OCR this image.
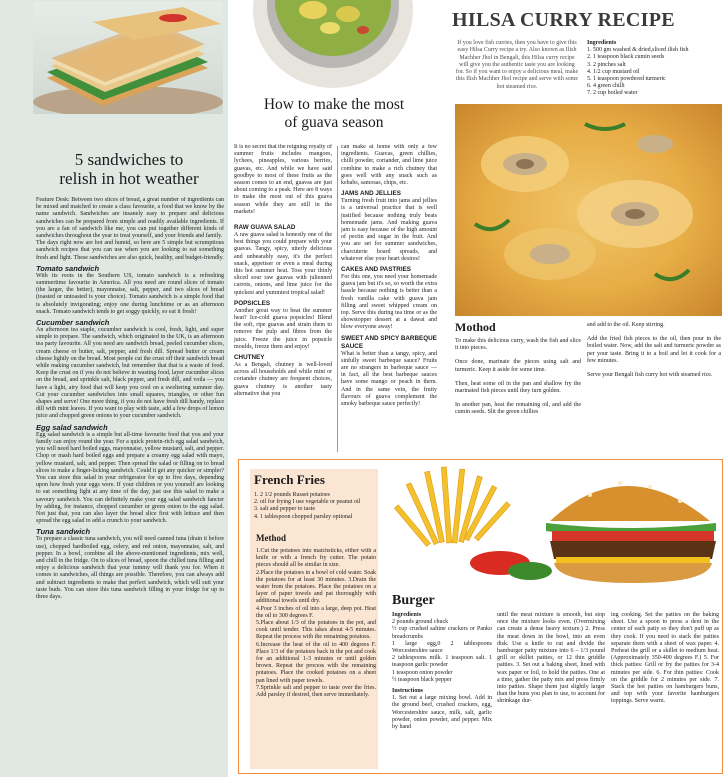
5 sandwiches to
relish in hot weather

Feature Desk: Between two slices of bread, a great number of ingredients can be mixed and matched to create a class favourite, a food that we know by the name sandwich. Sandwiches are insanely easy to prepare and delicious sandwiches can be prepared from simple and readily available ingredients. If you are a fan of sandwich like me, you can put together different kinds of sandwiches throughout the year to treat yourself, and your friends and family.

The days right now are hot and humid, so here are 5 simple but scrumptious sandwich recipes that you can use when you are looking to eat something fresh and light. These sandwiches are also quick, healthy, and budget-friendly.

Tomato sandwich

With its roots in the Southern US, tomato sandwich is a refreshing summertime favourite in America. All you need are round slices of tomato (the larger, the better), mayonnaise, salt, pepper, and two slices of bread (toasted or untoasted is your choice). Tomato sandwich is a simple food that is absolutely invigorating; enjoy one during lunchtime or as an afternoon snack. Tomato sandwich tends to get soggy quickly, so eat it fresh!

Cucumber sandwich

An afternoon tea staple, cucumber sandwich is cool, fresh, light, and super simple to prepare. The sandwich, which originated in the UK, is an afternoon tea party favourite. All you need are sandwich bread, peeled cucumber slices, cream cheese or butter, salt, pepper, and fresh dill. Spread butter or cream cheese lightly on the bread. Most people cut the crust off their sandwich bread while making cucumber sandwich, but remember that that is a waste of food. Keep the crust on if you do not believe in wasting food, layer cucumber slices on the bread, and sprinkle salt, black pepper, and fresh dill, and voila — you have a light, airy food that will keep you cool on a sweltering summer day. Cut your cucumber sandwiches into small squares, triangles, or other fun shapes and serve! One more thing, if you do not have fresh dill handy, replace dill with mint leaves. If you want to play with taste, add a few drops of lemon juice and chopped green onions to your cucumber sandwich.

Egg salad sandwich

Egg salad sandwich is a simple but all-time favourite food that you and your family can enjoy round the year. For a quick protein-rich egg salad sandwich, you will need hard boiled eggs, mayonnaise, yellow mustard, salt, and pepper. Chop or mash hard boiled eggs and prepare a creamy egg salad with mayo, yellow mustard, salt, and pepper. Then spread the salad or filling on to bread slices to make a finger-licking sandwich. Could it get any quicker or simpler? You can store this salad in your refrigerator for up to five days, depending upon how fresh your eggs were. If your children or you yourself are looking to eat something light at any time of the day, just use this salad to make a savoury sandwich. You can definitely make your egg salad sandwich fancier by adding, for instance, chopped cucumber or green onion to the egg salad. Not just that, you can also layer the bread slice first with lettuce and then spread the egg salad to add a crunch to your sandwich.

Tuna sandwich

To prepare a classic tuna sandwich, you will need canned tuna (drain it before use), chopped hardboiled egg, celery, and red onion, mayonnaise, salt, and pepper. In a bowl, combine all the above-mentioned ingredients, mix well, and chill in the fridge. On to slices of bread, spoon the chilled tuna filling and enjoy a delicious sandwich that your tummy will thank you for. When it comes to sandwiches, all things are possible. Therefore, you can always add and subtract ingredients to make that perfect sandwich, which will suit your taste buds. You can store this tuna sandwich filling in your fridge for up to three days.

How to make the most
of guava season

It is no secret that the reigning royalty of summer fruits includes mangoes, lychees, pineapples, various berries, guavas, etc. And while we have said goodbye to most of these fruits as the season comes to an end, guavas are just about coming to a peak. Here are 8 ways to make the most out of this guava season while they are still in the markets!

RAW GUAVA SALAD

A raw guava salad is honestly one of the best things you could prepare with your guavas. Tangy, spicy, utterly delicious and unbearably easy, it's the perfect snack, appetiser or even a meal during this hot summer heat. Toss your thinly sliced sour raw guavas with julienned carrots, onions, and lime juice for the quickest and yummiest tropical salad!

POPSICLES

Another great way to beat the summer heat? Ice-cold guava popsicles! Blend the soft, ripe guavas and strain them to remove the pulp and fibres from the juice. Freeze the juice in popsicle moulds, freeze them and enjoy!

CHUTNEY

As a Bengali, chutney is well-loved across all households and while mint or coriander chutney are frequent choices, guava chutney is another tasty alternative that you

can make at home with only a few ingredients. Guavas, green chillies, chilli powder, coriander, and lime juice combine to make a rich chutney that goes well with any snack such as kebabs, samosas, chips, etc.

JAMS AND JELLIES

Turning fresh fruit into jams and jellies is a universal practice that is well justified because nothing truly beats homemade jams. And making guava jam is easy because of the high amount of pectin and sugar in the fruit. And you are set for summer sandwiches, charcuterie board spreads, and whatever else your heart desires!

CAKES AND PASTRIES

For this one, you need your homemade guava jam but it's so, so worth the extra hassle because nothing is better than a fresh vanilla cake with guava jam filling and sweet whipped cream on top. Serve this during tea time or as the showstopper dessert at a dawat and blow everyone away!

SWEET AND SPICY BARBEQUE SAUCE

What is better than a tangy, spicy, and sinfully sweet barbeque sauce? Fruits are no strangers in barbeque sauce — in fact, all the best barbeque sauces have some mango or peach in them. And in the same vein, the fruity flavours of guava complement the smoky barbeque sauce perfectly!

HILSA CURRY RECIPE
If you love fish curries, then you have to give this easy Hilsa Curry recipe a try. Also known as Ilish Machher Jhol in Bengali, this Hilsa curry recipe will give you the authentic taste you are looking for. So if you want to enjoy a delicious meal, make this Ilish Machher Jhol recipe and serve with some hot steamed rice.
Ingredients
1. 500 gm washed & dried,sliced ilish fish
2. 1 teaspoon black cumin seeds
3. 2 pinches salt
4. 1/2 cup mustard oil
5. 1 teaspoon powdered turmeric
6. 4 green chilli
7. 2 cup boiled water
Mothod

To make this delicious curry, wash the fish and slice it into pieces.

Once done, marinate the pieces using salt and turmeric. Keep it aside for some time.

Then, heat some oil in the pan and shallow fry the marinated fish pieces until they turn golden.

In another pan, heat the remaining oil, and add the cumin seeds. Slit the green chillies

and add to the oil. Keep stirring.

Add the fried fish pieces to the oil, then pour in the boiled water. Now, add the salt and turmeric powder as per your taste. Bring it to a boil and let it cook for a few minutes.

Serve your Bengali fish curry hot with steamed rice.

French Fries
1. 2 1/2 pounds Russet potatoes
2. oil for frying I use vegetable or peanut oil
3. salt and pepper to taste
4. 1 tablespoon chopped parsley optional
Method

1.Cut the potatoes into matchsticks, either with a knife or with a french fry cutter. The potato pieces should all be similar in size.

2.Place the potatoes in a bowl of cold water. Soak the potatoes for at least 30 minutes. 3.Drain the water from the potatoes. Place the potatoes on a layer of paper towels and pat thoroughly with additional towels until dry.

4.Pour 3 inches of oil into a large, deep pot. Heat the oil to 300 degrees F.

5.Place about 1/3 of the potatoes in the pot, and cook until tender. This takes about 4-5 minutes. Repeat the process with the remaining potatoes.

6.Increase the heat of the oil to 400 degrees F. Place 1/3 of the potatoes back in the pot and cook for an additional 1-3 minutes or until golden brown. Repeat the process with the remaining potatoes. Place the cooked potatoes on a sheet pan lined with paper towels.

7.Sprinkle salt and pepper to taste over the fries. Add parsley if desired, then serve immediately.

Burger
Ingredients
2 pounds ground chuck
½ cup crushed saltine crackers or Panko breadcrumbs
1 large egg,0 2 tablespoons Worcestershire sauce
2 tablespoons milk. 1 teaspoon salt. 1 teaspoon garlic powder
1 teaspoon onion powder
½ teaspoon black pepper
Instructions

1. Set out a large mixing bowl. Add in the ground beef, crushed crackers, egg, Worcestershire sauce, milk, salt, garlic powder, onion powder, and pepper. Mix by hand

until the meat mixture is smooth, but stop once the mixture looks even. (Overmixing can create a dense heavy texture.) 2. Press the meat down in the bowl, into an even disk. Use a knife to cut and divide the hamburger patty mixture into 6 – 1/3 pound grill or skillet patties, or 12 thin griddle patties. 3. Set out a baking sheet, lined with wax paper or foil, to hold the patties. One at a time, gather the patty mix and press firmly into patties. Shape them just slightly larger than the buns you plan to use, to account for shrinkage dur-

ing cooking. Set the patties on the baking sheet. Use a spoon to press a dent in the center of each patty so they don't puff up as they cook. If you need to stack the patties separate them with a sheet of wax paper. 4. Preheat the grill or a skillet to medium heat. (Approximately 350-400 degrees F.) 5. For thick patties: Grill or fry the patties for 3-4 minutes per side. 6. For thin patties: Cook on the griddle for 2 minutes per side. 7. Stack the hot patties on hamburgers buns, and top with your favorite hamburgers toppings. Serve warm.
